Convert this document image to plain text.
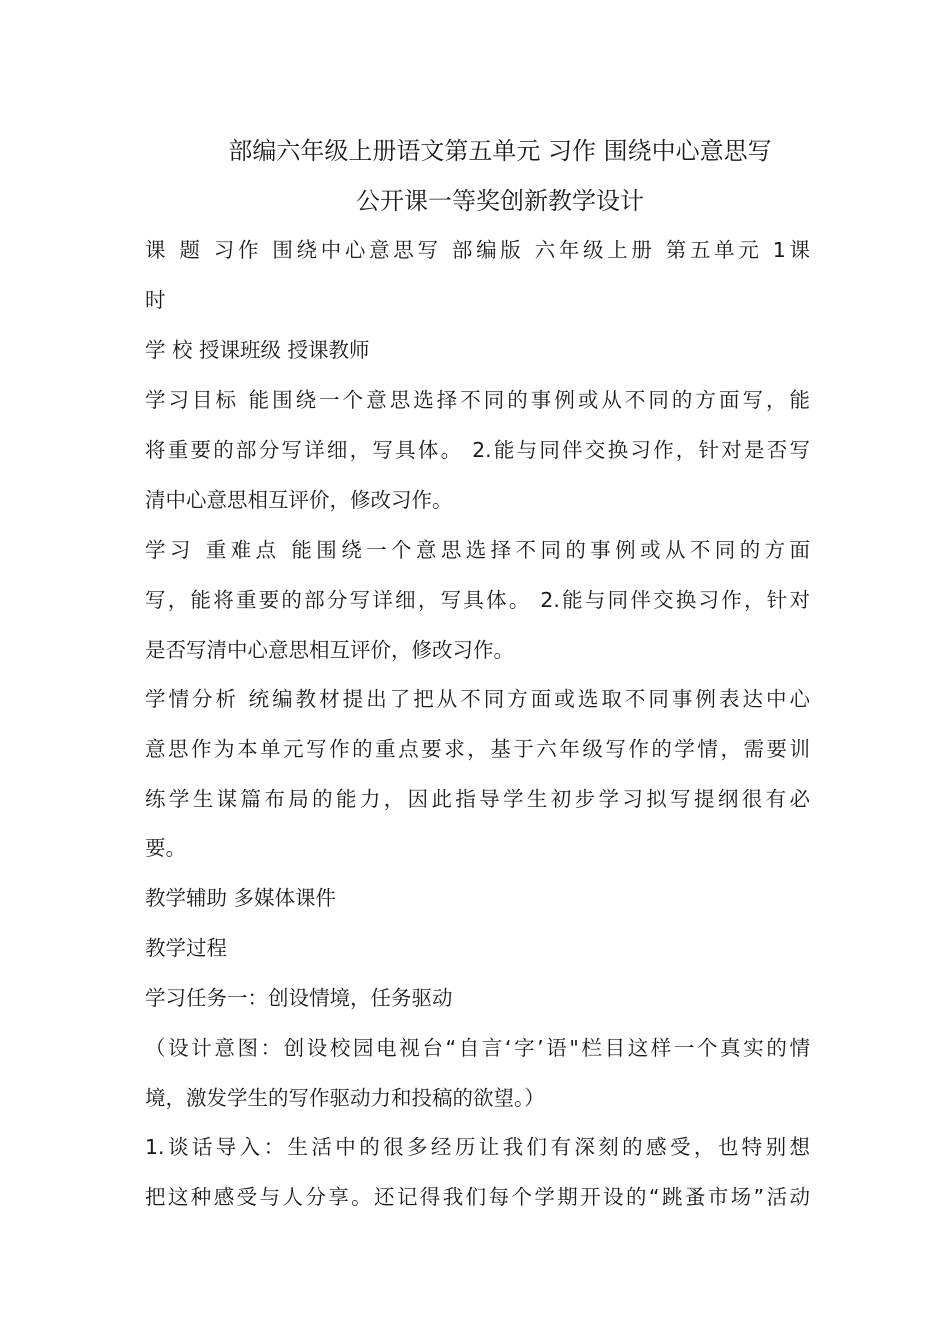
部编六年级上册语文第五单元 习作 围绕中心意思写
公开课一等奖创新教学设计
课 题 习作 围绕中心意思写 部编版 六年级上册 第五单元 1课
时
学 校 授课班级 授课教师
学习目标 能围绕一个意思选择不同的事例或从不同的方面写，能
将重要的部分写详细，写具体。 2.能与同伴交换习作，针对是否写
清中心意思相互评价，修改习作。
学习 重难点 能围绕一个意思选择不同的事例或从不同的方面
写，能将重要的部分写详细，写具体。 2.能与同伴交换习作，针对
是否写清中心意思相互评价，修改习作。
学情分析 统编教材提出了把从不同方面或选取不同事例表达中心
意思作为本单元写作的重点要求，基于六年级写作的学情，需要训
练学生谋篇布局的能力，因此指导学生初步学习拟写提纲很有必
要。
教学辅助 多媒体课件
教学过程
学习任务一：创设情境，任务驱动
（设计意图：创设校园电视台“自言‘字’语"栏目这样一个真实的情
境，激发学生的写作驱动力和投稿的欲望。）
1.谈话导入：生活中的很多经历让我们有深刻的感受，也特别想
把这种感受与人分享。还记得我们每个学期开设的“跳蚤市场”活动
